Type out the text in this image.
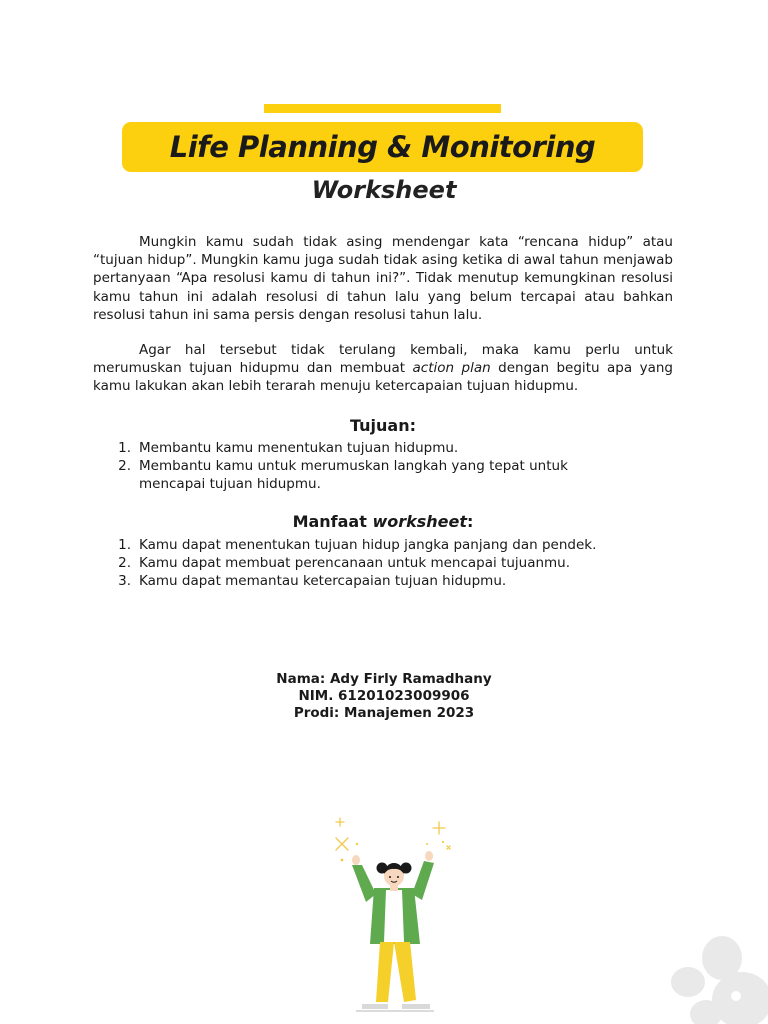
Life Planning & Monitoring
Worksheet

Mungkin kamu sudah tidak asing mendengar kata “rencana hidup” atau “tujuan hidup”. Mungkin kamu juga sudah tidak asing ketika di awal tahun menjawab pertanyaan “Apa resolusi kamu di tahun ini?”. Tidak menutup kemungkinan resolusi kamu tahun ini adalah resolusi di tahun lalu yang belum tercapai atau bahkan resolusi tahun ini sama persis dengan resolusi tahun lalu.

Agar hal tersebut tidak terulang kembali, maka kamu perlu untuk merumuskan tujuan hidupmu dan membuat action plan dengan begitu apa yang kamu lakukan akan lebih terarah menuju ketercapaian tujuan hidupmu.

Tujuan:
1. Membantu kamu menentukan tujuan hidupmu.
2. Membantu kamu untuk merumuskan langkah yang tepat untuk mencapai tujuan hidupmu.
Manfaat worksheet:
1. Kamu dapat menentukan tujuan hidup jangka panjang dan pendek.
2. Kamu dapat membuat perencanaan untuk mencapai tujuanmu.
3. Kamu dapat memantau ketercapaian tujuan hidupmu.
Nama: Ady Firly Ramadhany
NIM. 61201023009906
Prodi: Manajemen 2023
